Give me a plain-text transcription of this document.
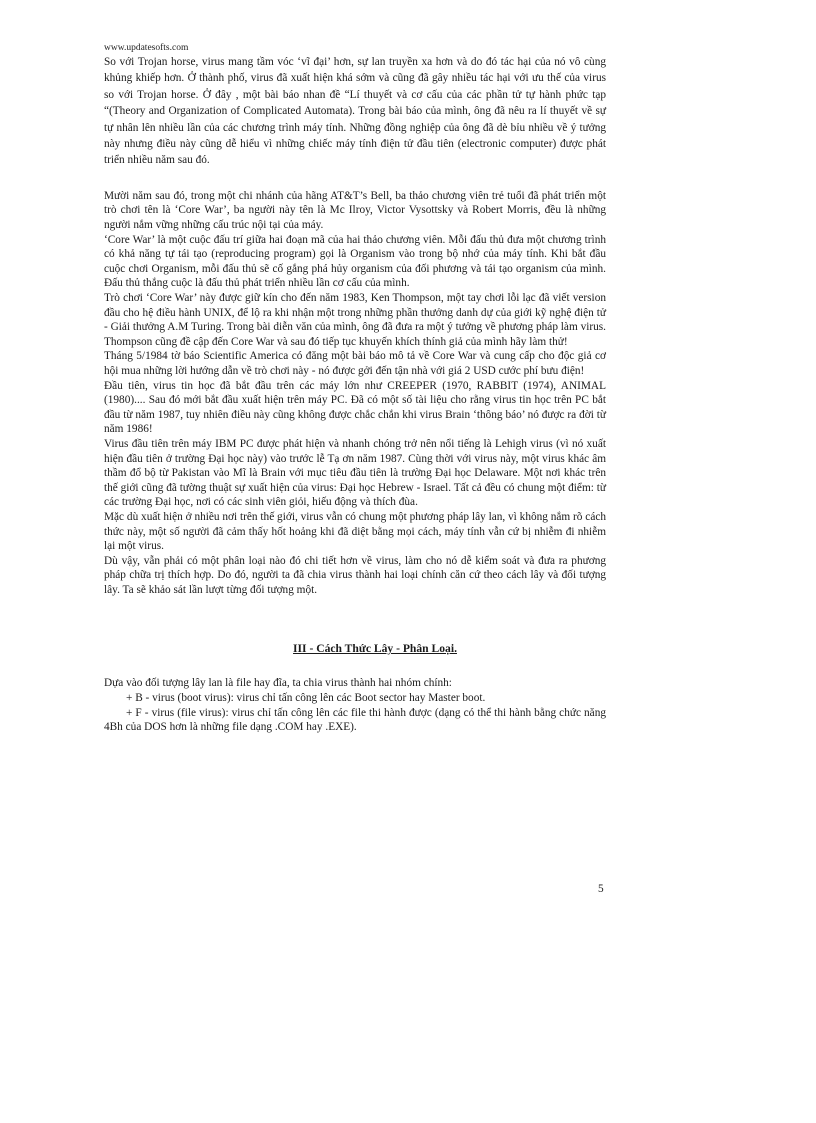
www.updatesofts.com

So với Trojan horse, virus mang tầm vóc ‘vĩ đại’ hơn, sự lan truyền xa hơn và do đó tác hại của nó vô cùng khủng khiếp hơn. Ở thành phố, virus đã xuất hiện khá sớm và cũng đã gây nhiều tác hại với ưu thế của virus so với Trojan horse. Ở đây , một bài báo nhan đề “Lí thuyết và cơ cấu của các phần tử tự hành phức tạp “(Theory and Organization of Complicated Automata). Trong bài báo của mình, ông đã nêu ra lí thuyết về sự tự nhân lên nhiều lần của các chương trình máy tính. Những đồng nghiệp của ông đã dè bỉu nhiều về ý tưởng này nhưng điều này cũng dễ hiểu vì những chiếc máy tính điện tử đầu tiên (electronic computer) được phát triển nhiều năm sau đó.

Mười năm sau đó, trong một chi nhánh của hãng AT&T’s Bell, ba thảo chương viên trẻ tuổi đã phát triển một trò chơi tên là ‘Core War’, ba người này tên là Mc Ilroy, Victor Vysottsky và Robert Morris, đều là những người nắm vững những cấu trúc nội tại của máy.

‘Core War’ là một cuộc đấu trí giữa hai đoạn mã của hai thảo chương viên. Mỗi đấu thủ đưa một chương trình có khả năng tự tái tạo (reproducing program) gọi là Organism vào trong bộ nhớ của máy tính. Khi bắt đầu cuộc chơi Organism, mỗi đấu thủ sẽ cố gắng phá hủy organism của đối phương và tái tạo organism của mình. Đấu thủ thắng cuộc là đấu thủ phát triển nhiều lần cơ cấu của mình.

Trò chơi ‘Core War’ này được giữ kín cho đến năm 1983, Ken Thompson, một tay chơi lỗi lạc đã viết version đầu cho hệ điều hành UNIX, để lộ ra khi nhận một trong những phần thưởng danh dự của giới kỹ nghệ điện tử - Giải thưởng A.M Turing. Trong bài diễn văn của mình, ông đã đưa ra một ý tưởng về phương pháp làm virus. Thompson cũng đề cập đến Core War và sau đó tiếp tục khuyến khích thính giả của mình hãy làm thử!

Tháng 5/1984 tờ báo Scientific America có đăng một bài báo mô tả về Core War và cung cấp cho độc giả cơ hội mua những lời hướng dẫn về trò chơi này - nó được gởi đến tận nhà với giá 2 USD cước phí bưu điện!

Đầu tiên, virus tin học đã bắt đầu trên các máy lớn như CREEPER (1970, RABBIT (1974), ANIMAL (1980).... Sau đó mới bắt đầu xuất hiện trên máy PC. Đã có một số tài liệu cho rằng virus tin học trên PC bắt đầu từ năm 1987, tuy nhiên điều này cũng không được chắc chắn khi virus Brain ‘thông báo’ nó được ra đời từ năm 1986!

Virus đầu tiên trên máy IBM PC được phát hiện và nhanh chóng trở nên nổi tiếng là Lehigh virus (vì nó xuất hiện đầu tiên ở trường Đại học này) vào trước lễ Tạ ơn năm 1987. Cùng thời với virus này, một virus khác âm thầm đổ bộ từ Pakistan vào Mĩ là Brain với mục tiêu đầu tiên là trường Đại học Delaware. Một nơi khác trên thế giới cũng đã tường thuật sự xuất hiện của virus: Đại học Hebrew - Israel. Tất cả đều có chung một điểm: từ các trường Đại học, nơi có các sinh viên giỏi, hiếu động và thích đùa.

Mặc dù xuất hiện ở nhiều nơi trên thế giới, virus vẫn có chung một phương pháp lây lan, vì không nắm rõ cách thức này, một số người đã cảm thấy hốt hoảng khi đã diệt bằng mọi cách, máy tính vẫn cứ bị nhiễm đi nhiễm lại một virus.

Dù vậy, vẫn phải có một phân loại nào đó chi tiết hơn về virus, làm cho nó dễ kiểm soát và đưa ra phương pháp chữa trị thích hợp. Do đó, người ta đã chia virus thành hai loại chính căn cứ theo cách lây và đối tượng lây. Ta sẽ khảo sát lần lượt từng đối tượng một.

III - Cách Thức Lây - Phân Loại.

Dựa vào đối tượng lây lan là file hay đĩa, ta chia virus thành hai nhóm chính:

+ B - virus (boot virus): virus chỉ tấn công lên các Boot sector hay Master boot.

+ F - virus (file virus): virus chỉ tấn công lên các file thi hành được (dạng có thể thi hành bằng chức năng 4Bh của DOS hơn là những file dạng .COM hay .EXE).

5
